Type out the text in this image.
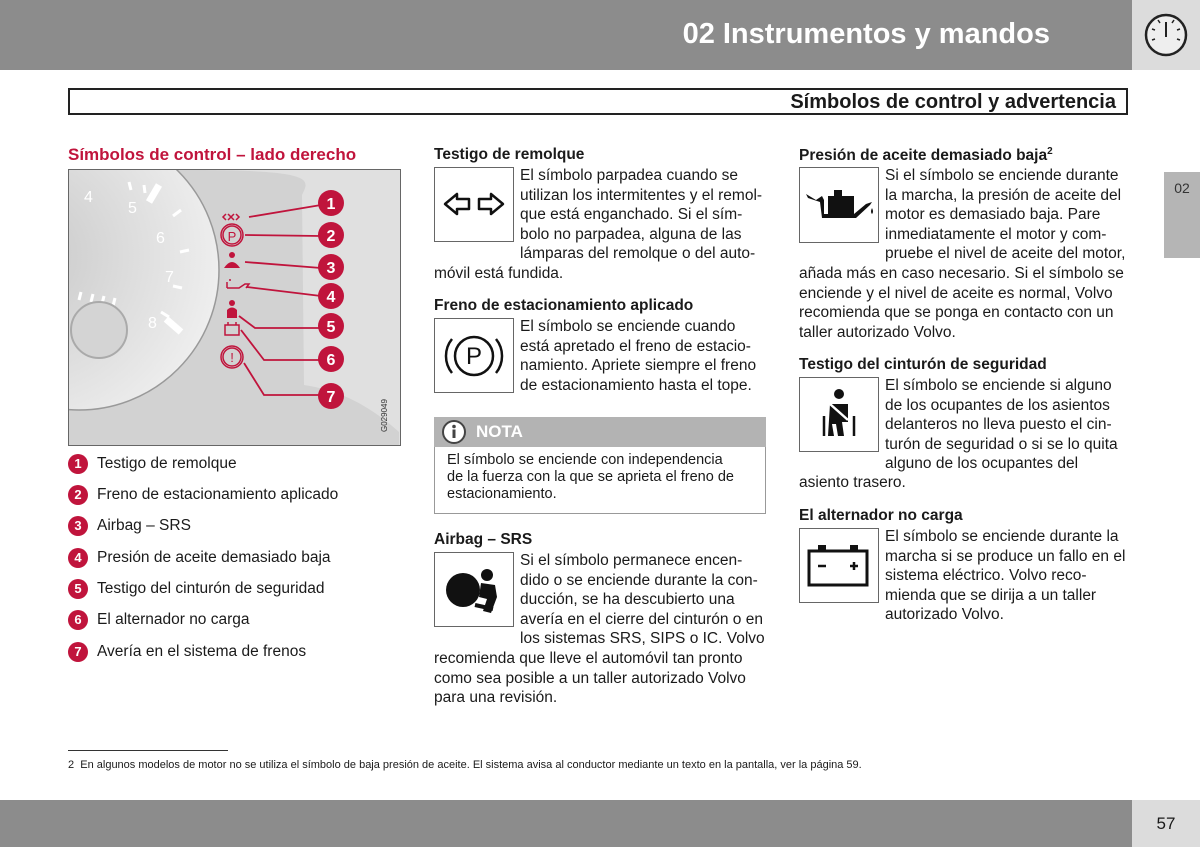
02 Instrumentos y mandos
Símbolos de control y advertencia
02
Símbolos de control – lado derecho
4
5
6
7
8
P
!
1
2
3
4
5
6
7
G029049
1 Testigo de remolque
2 Freno de estacionamiento aplicado
3 Airbag – SRS
4 Presión de aceite demasiado baja
5 Testigo del cinturón de seguridad
6 El alternador no carga
7 Avería en el sistema de frenos
Testigo de remolque
El símbolo parpadea cuando se
utilizan los intermitentes y el remol-
que está enganchado. Si el sím-
bolo no parpadea, alguna de las
lámparas del remolque o del auto-
móvil está fundida.
Freno de estacionamiento aplicado
P
El símbolo se enciende cuando
está apretado el freno de estacio-
namiento. Apriete siempre el freno
de estacionamiento hasta el tope.
NOTA
El símbolo se enciende con independencia
de la fuerza con la que se aprieta el freno de
estacionamiento.
Airbag – SRS
Si el símbolo permanece encen-
dido o se enciende durante la con-
ducción, se ha descubierto una
avería en el cierre del cinturón o en
los sistemas SRS, SIPS o IC. Volvo
recomienda que lleve el automóvil tan pronto
como sea posible a un taller autorizado Volvo
para una revisión.
Presión de aceite demasiado baja$^2$
Si el símbolo se enciende durante
la marcha, la presión de aceite del
motor es demasiado baja. Pare
inmediatamente el motor y com-
pruebe el nivel de aceite del motor,
añada más en caso necesario. Si el símbolo se
enciende y el nivel de aceite es normal, Volvo
recomienda que se ponga en contacto con un
taller autorizado Volvo.
Testigo del cinturón de seguridad
El símbolo se enciende si alguno
de los ocupantes de los asientos
delanteros no lleva puesto el cin-
turón de seguridad o si se lo quita
alguno de los ocupantes del
asiento trasero.
El alternador no carga
El símbolo se enciende durante la
marcha si se produce un fallo en el
sistema eléctrico. Volvo reco-
mienda que se dirija a un taller
autorizado Volvo.
2 En algunos modelos de motor no se utiliza el símbolo de baja presión de aceite. El sistema avisa al conductor mediante un texto en la pantalla, ver la página 59.
57
